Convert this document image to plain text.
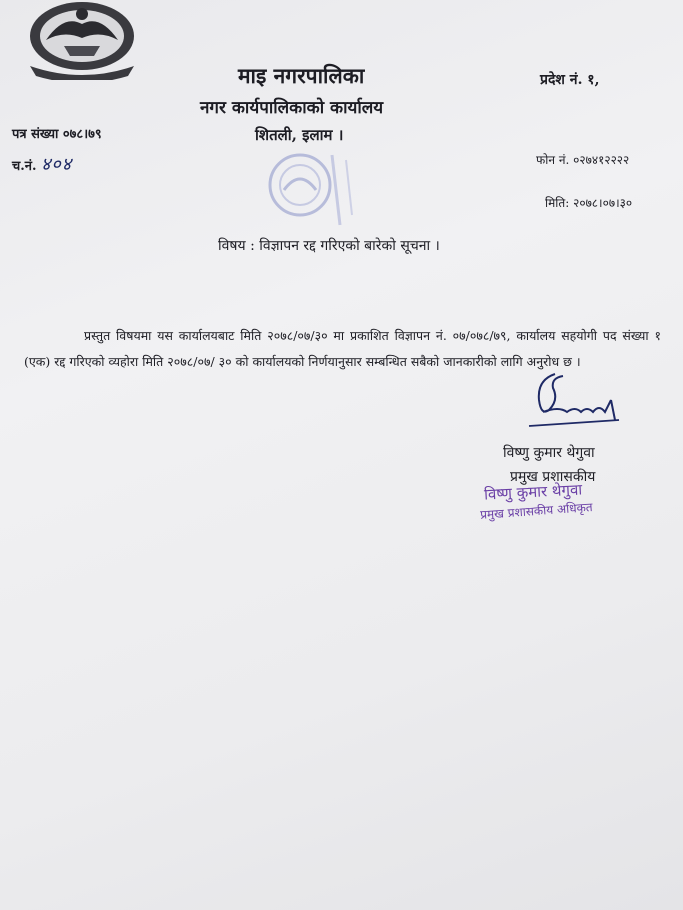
माइ नगरपालिका
नगर कार्यपालिकाको कार्यालय
शितली, इलाम ।
प्रदेश नं. १,
पत्र संख्या ०७८।७९
च.नं. ४०४	फोन नं. ०२७४१२२२२
मिति: २०७८।०७।३०
विषय : विज्ञापन रद्द गरिएको बारेको सूचना ।

प्रस्तुत विषयमा यस कार्यालयबाट मिति २०७८/०७/३० मा प्रकाशित विज्ञापन नं. ०७/०७८/७९, कार्यालय सहयोगी पद संख्या १ (एक) रद्द गरिएको व्यहोरा मिति २०७८/०७/ ३० को कार्यालयको निर्णयानुसार सम्बन्धित सबैको जानकारीको लागि अनुरोध छ ।

विष्णु कुमार थेगुवा
प्रमुख प्रशासकीय
विष्णु कुमार थेगुवा
प्रमुख प्रशासकीय अधिकृत
